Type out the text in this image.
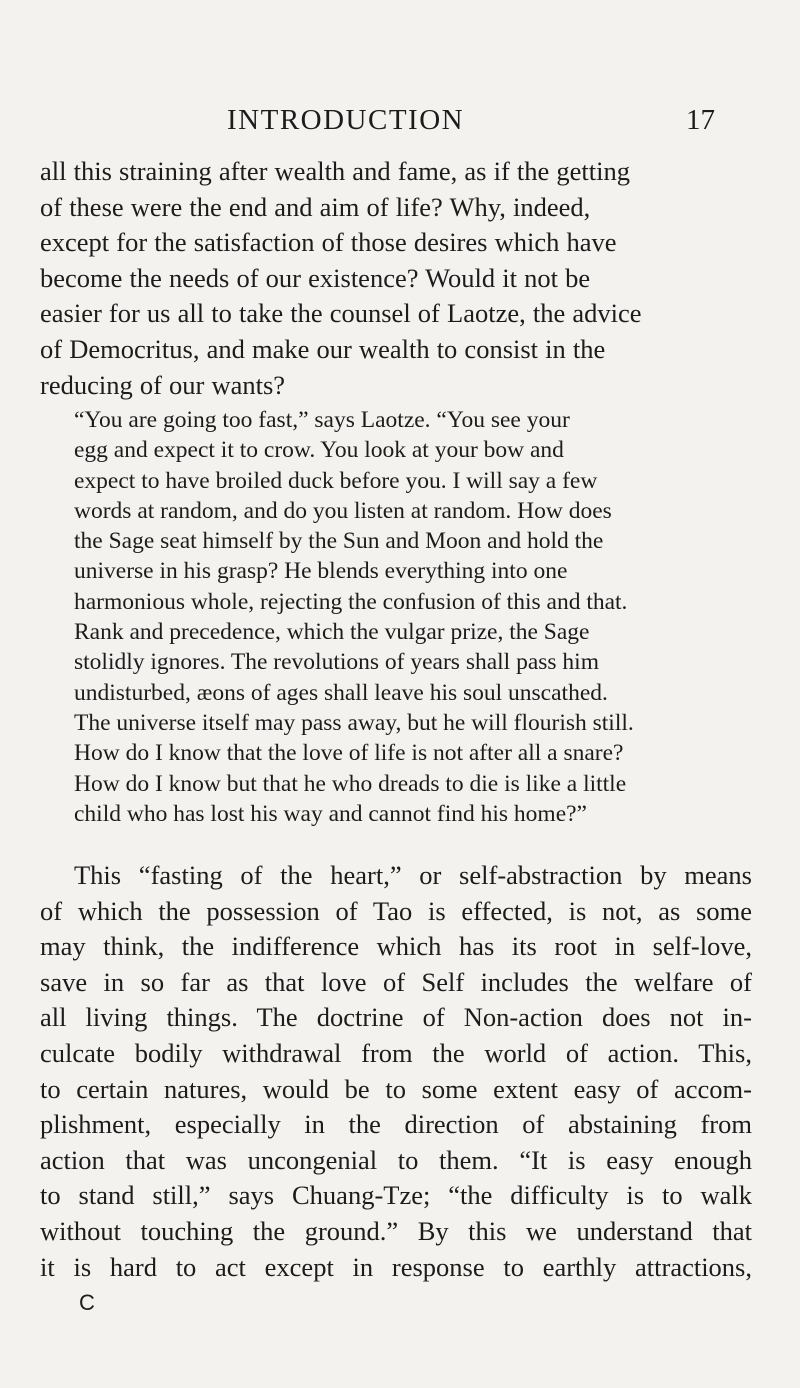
INTRODUCTION	17

all this straining after wealth and fame, as if the getting
of these were the end and aim of life? Why, indeed,
except for the satisfaction of those desires which have
become the needs of our existence? Would it not be
easier for us all to take the counsel of Laotze, the advice
of Democritus, and make our wealth to consist in the
reducing of our wants?

“You are going too fast,” says Laotze. “You see your
egg and expect it to crow. You look at your bow and
expect to have broiled duck before you. I will say a few
words at random, and do you listen at random. How does
the Sage seat himself by the Sun and Moon and hold the
universe in his grasp? He blends everything into one
harmonious whole, rejecting the confusion of this and that.
Rank and precedence, which the vulgar prize, the Sage
stolidly ignores. The revolutions of years shall pass him
undisturbed, æons of ages shall leave his soul unscathed.
The universe itself may pass away, but he will flourish still.
How do I know that the love of life is not after all a snare?
How do I know but that he who dreads to die is like a little
child who has lost his way and cannot find his home?”

This “fasting of the heart,” or self-abstraction by means
of which the possession of Tao is effected, is not, as some
may think, the indifference which has its root in self-love,
save in so far as that love of Self includes the welfare of
all living things. The doctrine of Non-action does not in-
culcate bodily withdrawal from the world of action. This,
to certain natures, would be to some extent easy of accom-
plishment, especially in the direction of abstaining from
action that was uncongenial to them. “It is easy enough
to stand still,” says Chuang-Tze; “the difficulty is to walk
without touching the ground.” By this we understand that
it is hard to act except in response to earthly attractions,

C
